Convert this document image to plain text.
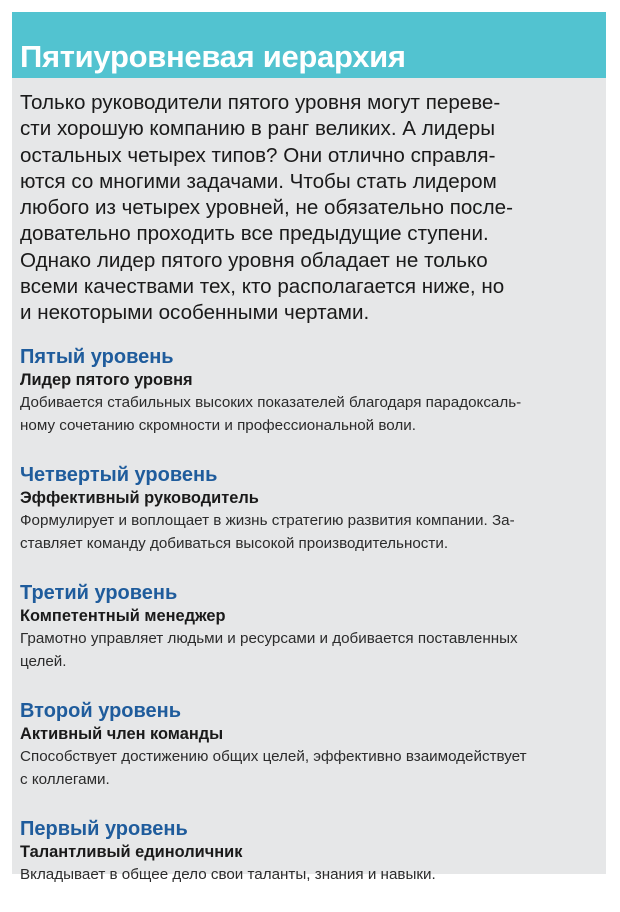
Пятиуровневая иерархия

Только руководители пятого уровня могут переве-
сти хорошую компанию в ранг великих. А лидеры
остальных четырех типов? Они отлично справля-
ются со многими задачами. Чтобы стать лидером
любого из четырех уровней, не обязательно после-
довательно проходить все предыдущие ступени.
Однако лидер пятого уровня обладает не только
всеми качествами тех, кто располагается ниже, но
и некоторыми особенными чертами.

Пятый уровень
Лидер пятого уровня
Добивается стабильных высоких показателей благодаря парадоксаль-
ному сочетанию скромности и профессиональной воли.
Четвертый уровень
Эффективный руководитель
Формулирует и воплощает в жизнь стратегию развития компании. За-
ставляет команду добиваться высокой производительности.
Третий уровень
Компетентный менеджер
Грамотно управляет людьми и ресурсами и добивается поставленных
целей.
Второй уровень
Активный член команды
Способствует достижению общих целей, эффективно взаимодействует
с коллегами.
Первый уровень
Талантливый единоличник
Вкладывает в общее дело свои таланты, знания и навыки.
